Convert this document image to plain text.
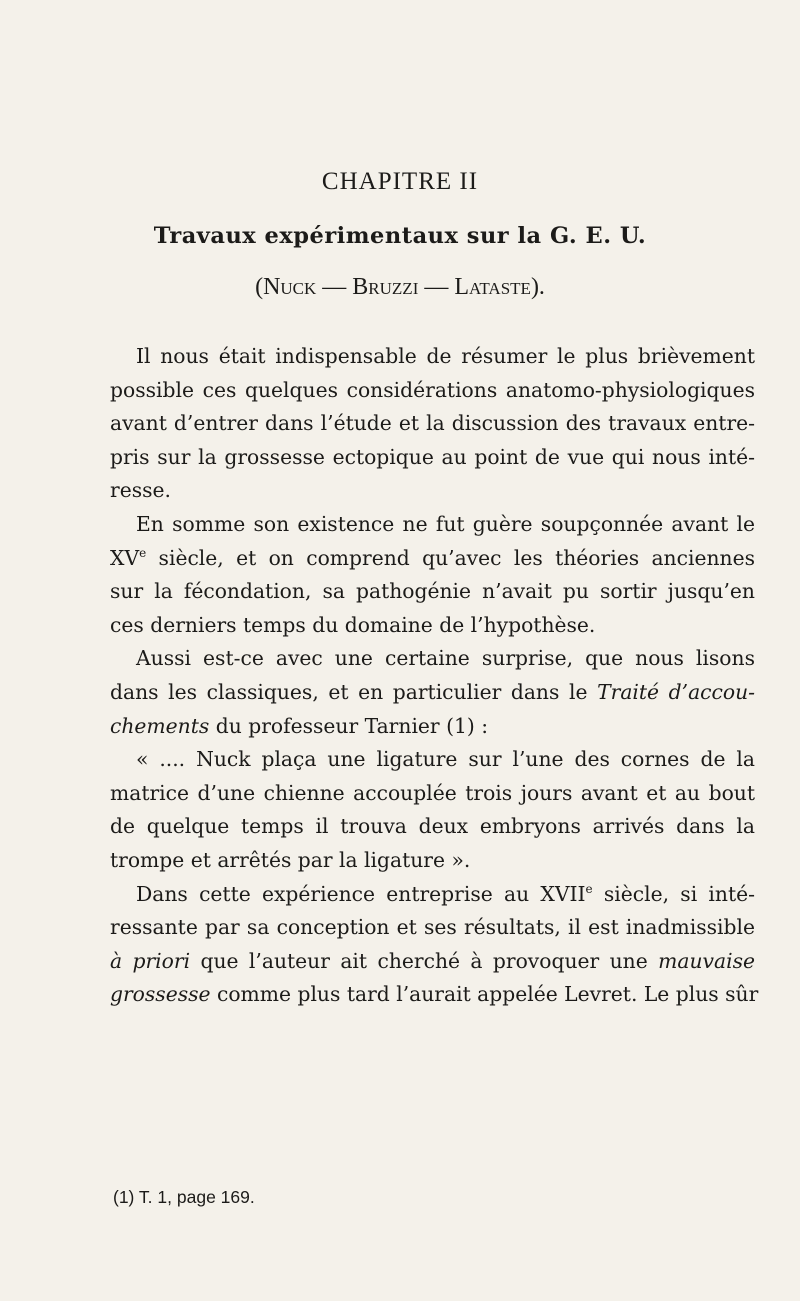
CHAPITRE II
Travaux expérimentaux sur la G. E. U.
(Nuck — Bruzzi — Lataste).
Il nous était indispensable de résumer le plus brièvement
possible ces quelques considérations anatomo-physiologiques
avant d’entrer dans l’étude et la discussion des travaux entre-
pris sur la grossesse ectopique au point de vue qui nous inté-
resse.
En somme son existence ne fut guère soupçonnée avant le
XVe siècle, et on comprend qu’avec les théories anciennes
sur la fécondation, sa pathogénie n’avait pu sortir jusqu’en
ces derniers temps du domaine de l’hypothèse.
Aussi est-ce avec une certaine surprise, que nous lisons
dans les classiques, et en particulier dans le Traité d’accou-
chements du professeur Tarnier (1) :
« .... Nuck plaça une ligature sur l’une des cornes de la
matrice d’une chienne accouplée trois jours avant et au bout
de quelque temps il trouva deux embryons arrivés dans la
trompe et arrêtés par la ligature ».
Dans cette expérience entreprise au XVIIe siècle, si inté-
ressante par sa conception et ses résultats, il est inadmissible
à priori que l’auteur ait cherché à provoquer une mauvaise
grossesse comme plus tard l’aurait appelée Levret. Le plus sûr
(1) T. 1, page 169.
